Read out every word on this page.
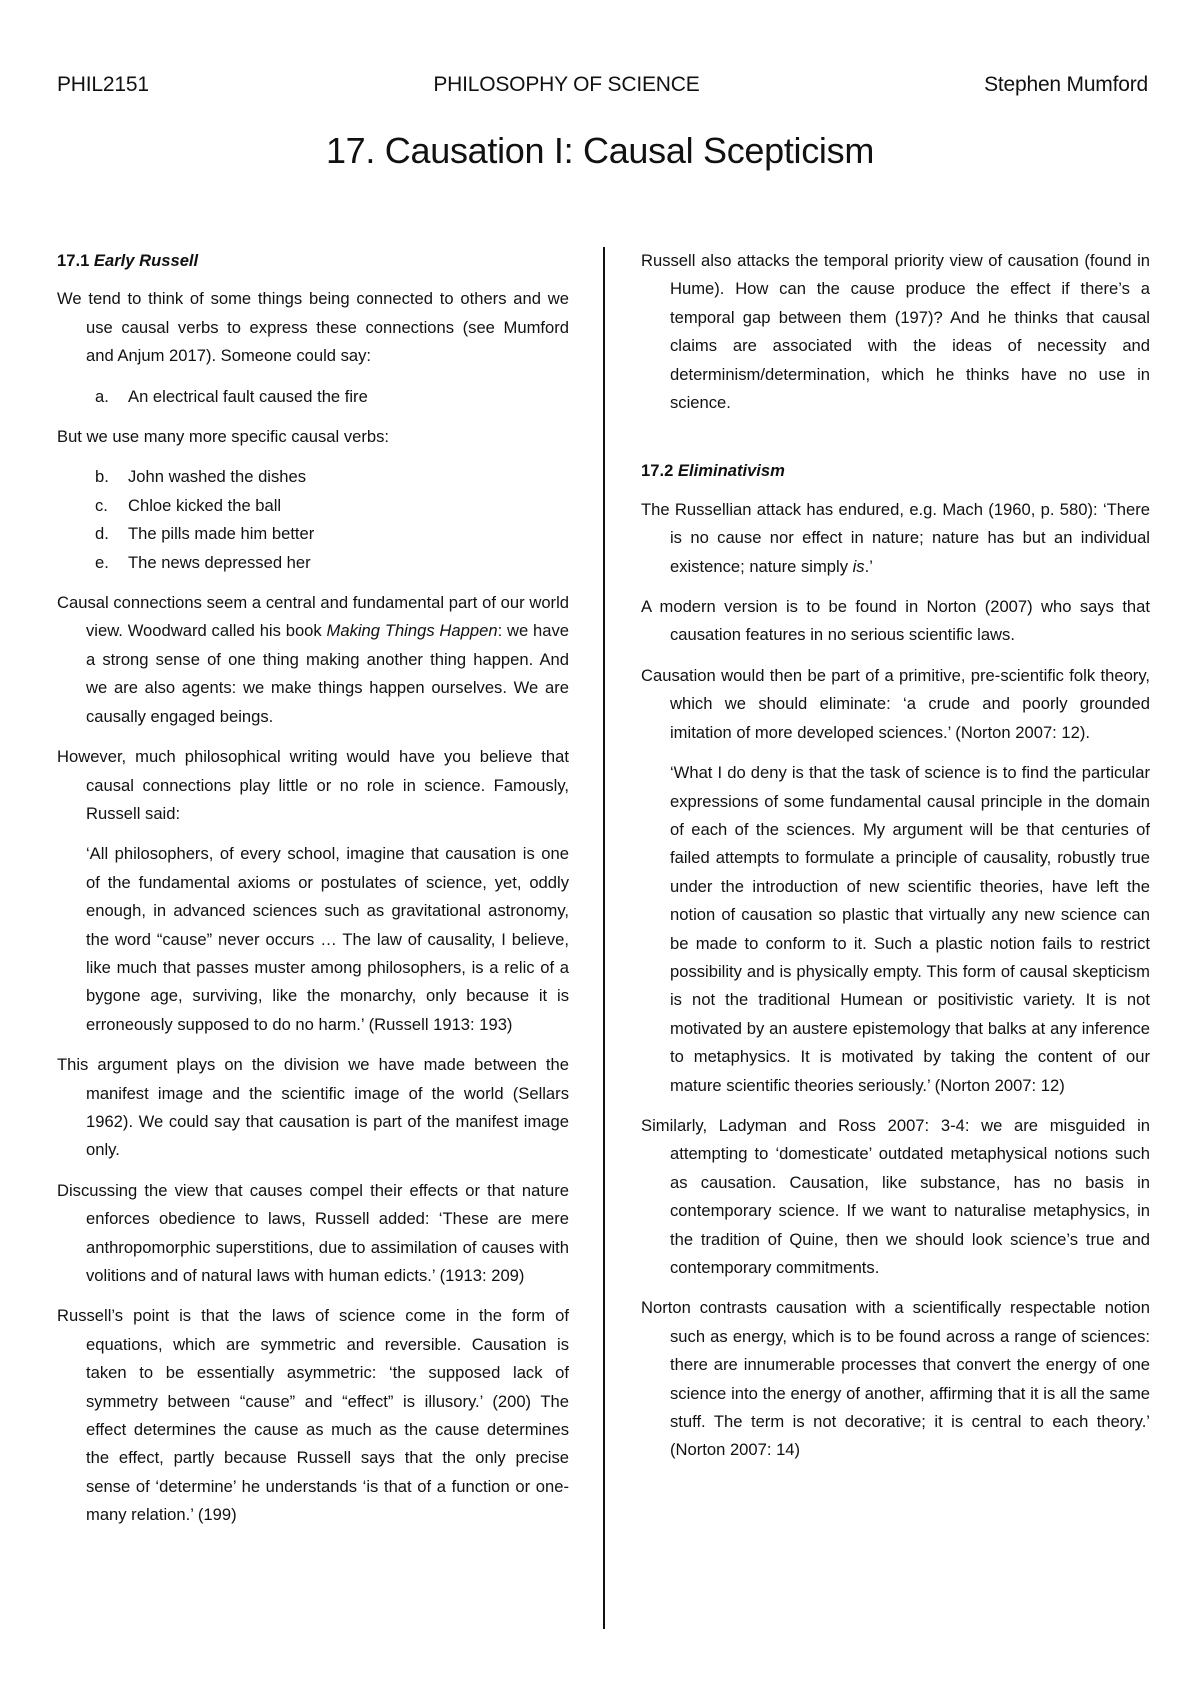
PHIL2151	PHILOSOPHY OF SCIENCE	Stephen Mumford
17. Causation I: Causal Scepticism
17.1 Early Russell

We tend to think of some things being connected to others and we use causal verbs to express these connections (see Mumford and Anjum 2017). Someone could say:

a.	An electrical fault caused the fire

But we use many more specific causal verbs:

b.	John washed the dishes
c.	Chloe kicked the ball
d.	The pills made him better
e.	The news depressed her

Causal connections seem a central and fundamental part of our world view. Woodward called his book Making Things Happen: we have a strong sense of one thing making another thing happen. And we are also agents: we make things happen ourselves. We are causally engaged beings.

However, much philosophical writing would have you believe that causal connections play little or no role in science. Famously, Russell said:

‘All philosophers, of every school, imagine that causation is one of the fundamental axioms or postulates of science, yet, oddly enough, in advanced sciences such as gravitational astronomy, the word “cause” never occurs … The law of causality, I believe, like much that passes muster among philosophers, is a relic of a bygone age, surviving, like the monarchy, only because it is erroneously supposed to do no harm.’ (Russell 1913: 193)

This argument plays on the division we have made between the manifest image and the scientific image of the world (Sellars 1962). We could say that causation is part of the manifest image only.

Discussing the view that causes compel their effects or that nature enforces obedience to laws, Russell added: ‘These are mere anthropomorphic superstitions, due to assimilation of causes with volitions and of natural laws with human edicts.’ (1913: 209)

Russell’s point is that the laws of science come in the form of equations, which are symmetric and reversible. Causation is taken to be essentially asymmetric: ‘the supposed lack of symmetry between “cause” and “effect” is illusory.’ (200) The effect determines the cause as much as the cause determines the effect, partly because Russell says that the only precise sense of ‘determine’ he understands ‘is that of a function or one-many relation.’ (199)

Russell also attacks the temporal priority view of causation (found in Hume). How can the cause produce the effect if there’s a temporal gap between them (197)? And he thinks that causal claims are associated with the ideas of necessity and determinism/determination, which he thinks have no use in science.

17.2 Eliminativism

The Russellian attack has endured, e.g. Mach (1960, p. 580): ‘There is no cause nor effect in nature; nature has but an individual existence; nature simply is.’

A modern version is to be found in Norton (2007) who says that causation features in no serious scientific laws.

Causation would then be part of a primitive, pre-scientific folk theory, which we should eliminate: ‘a crude and poorly grounded imitation of more developed sciences.’ (Norton 2007: 12).

‘What I do deny is that the task of science is to find the particular expressions of some fundamental causal principle in the domain of each of the sciences. My argument will be that centuries of failed attempts to formulate a principle of causality, robustly true under the introduction of new scientific theories, have left the notion of causation so plastic that virtually any new science can be made to conform to it. Such a plastic notion fails to restrict possibility and is physically empty. This form of causal skepticism is not the traditional Humean or positivistic variety. It is not motivated by an austere epistemology that balks at any inference to metaphysics. It is motivated by taking the content of our mature scientific theories seriously.’ (Norton 2007: 12)

Similarly, Ladyman and Ross 2007: 3-4: we are misguided in attempting to ‘domesticate’ outdated metaphysical notions such as causation. Causation, like substance, has no basis in contemporary science. If we want to naturalise metaphysics, in the tradition of Quine, then we should look science’s true and contemporary commitments.

Norton contrasts causation with a scientifically respectable notion such as energy, which is to be found across a range of sciences: there are innumerable processes that convert the energy of one science into the energy of another, affirming that it is all the same stuff. The term is not decorative; it is central to each theory.’ (Norton 2007: 14)
